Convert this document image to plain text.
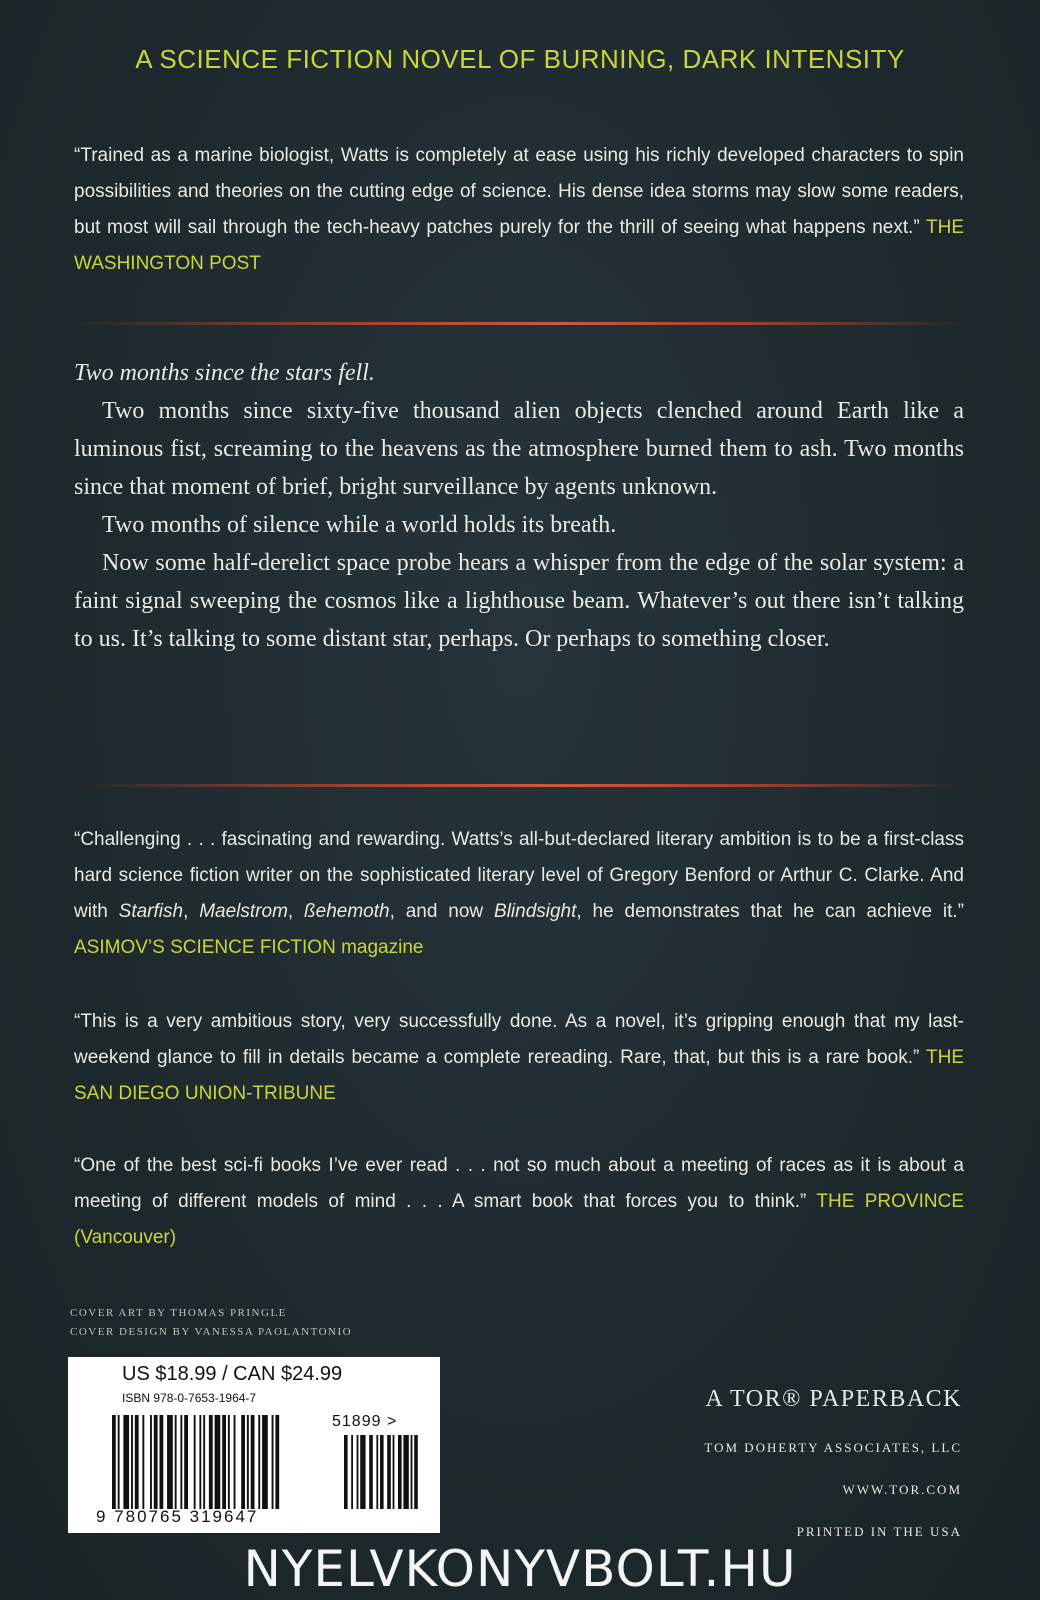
A SCIENCE FICTION NOVEL OF BURNING, DARK INTENSITY
“Trained as a marine biologist, Watts is completely at ease using his richly developed characters to spin possibilities and theories on the cutting edge of science. His dense idea storms may slow some readers, but most will sail through the tech-heavy patches purely for the thrill of seeing what happens next.” THE WASHINGTON POST

Two months since the stars fell.

Two months since sixty-five thousand alien objects clenched around Earth like a luminous fist, screaming to the heavens as the atmosphere burned them to ash. Two months since that moment of brief, bright surveillance by agents unknown.

Two months of silence while a world holds its breath.

Now some half-derelict space probe hears a whisper from the edge of the solar system: a faint signal sweeping the cosmos like a lighthouse beam. Whatever’s out there isn’t talking to us. It’s talking to some distant star, perhaps. Or perhaps to something closer.

“Challenging . . . fascinating and rewarding. Watts’s all-but-declared literary ambition is to be a first-class hard science fiction writer on the sophisticated literary level of Gregory Benford or Arthur C. Clarke. And with Starfish, Maelstrom, ßehemoth, and now Blindsight, he demonstrates that he can achieve it.” ASIMOV’S SCIENCE FICTION magazine
“This is a very ambitious story, very successfully done. As a novel, it’s gripping enough that my last-weekend glance to fill in details became a complete rereading. Rare, that, but this is a rare book.” THE SAN DIEGO UNION-TRIBUNE
“One of the best sci-fi books I’ve ever read . . . not so much about a meeting of races as it is about a meeting of different models of mind . . . A smart book that forces you to think.” THE PROVINCE (Vancouver)
COVER ART BY THOMAS PRINGLE
COVER DESIGN BY VANESSA PAOLANTONIO
US $18.99 / CAN $24.99
ISBN 978-0-7653-1964-7
51899 >
9 780765 319647
A TOR® PAPERBACK
TOM DOHERTY ASSOCIATES, LLC
WWW.TOR.COM
PRINTED IN THE USA
NYELVKONYVBOLT.HU
